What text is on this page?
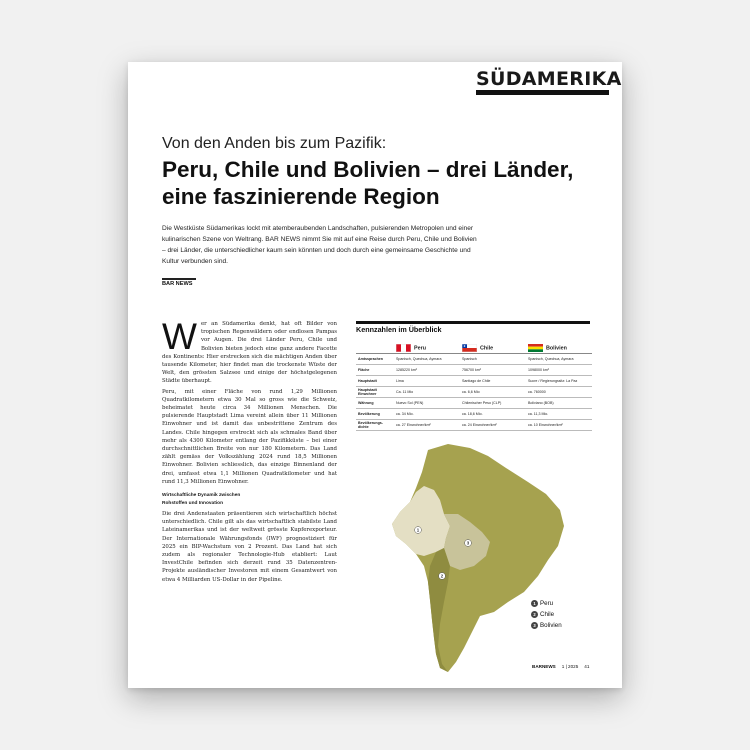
SÜDAMERIKA
Von den Anden bis zum Pazifik:
Peru, Chile und Bolivien – drei Länder, eine faszinierende Region

Die Westküste Südamerikas lockt mit atemberaubenden Landschaften, pulsierenden Metropolen und einer kulinarischen Szene von Weltrang. BAR NEWS nimmt Sie mit auf eine Reise durch Peru, Chile und Bolivien – drei Länder, die unterschiedlicher kaum sein könnten und doch durch eine gemeinsame Geschichte und Kultur verbunden sind.

BAR NEWS

Wer an Südamerika denkt, hat oft Bilder von tropischen Regenwäldern oder endlosen Pampas vor Augen. Die drei Länder Peru, Chile und Bolivien bieten jedoch eine ganz andere Facette des Kontinents: Hier erstrecken sich die mächtigen Anden über tausende Kilometer, hier findet man die trockenste Wüste der Welt, den grössten Salzsee und einige der höchstgelegenen Städte überhaupt.

Peru, mit einer Fläche von rund 1,29 Millionen Quadratkilometern etwa 30 Mal so gross wie die Schweiz, beheimatet heute circa 34 Millionen Menschen. Die pulsierende Hauptstadt Lima vereint allein über 11 Millionen Einwohner und ist damit das unbestrittene Zentrum des Landes. Chile hingegen erstreckt sich als schmales Band über mehr als 4300 Kilometer entlang der Pazifikküste – bei einer durchschnittlichen Breite von nur 180 Kilometern. Das Land zählt gemäss der Volkszählung 2024 rund 18,5 Millionen Einwohner. Bolivien schliesslich, das einzige Binnenland der drei, umfasst etwa 1,1 Millionen Quadratkilometer und hat rund 11,3 Millionen Einwohner.

Wirtschaftliche Dynamik zwischen
Rohstoffen und Innovation

Die drei Andenstaaten präsentieren sich wirtschaftlich höchst unterschiedlich. Chile gilt als das wirtschaftlich stabilste Land Lateinamerikas und ist der weltweit grösste Kupferexporteur. Der Internationale Währungsfonds (IWF) prognostiziert für 2025 ein BIP-Wachstum von 2 Prozent. Das Land hat sich zudem als regionaler Technologie-Hub etabliert: Laut InvestChile befinden sich derzeit rund 35 Datenzentren-Projekte ausländischer Investoren mit einem Gesamtwert von etwa 4 Milliarden US-Dollar in der Pipeline.

Kennzahlen im Überblick
	Peru	Chile	Bolivien
Amtssprachen	Spanisch, Quechua, Aymara	Spanisch	Spanisch, Quechua, Aymara
Fläche	1285220 km²	756700 km²	1098000 km²
Hauptstadt	Lima	Santiago de Chile	Sucre / Regierungssitz: La Paz
Hauptstadt Einwohner	Ca. 11 Mio	ca. 6,6 Mio	ca. 760000
Währung	Nuevo Sol (PEN)	Chilenischer Peso (CLP)	Boliviano (BOB)
Bevölkerung	ca. 34 Mio.	ca. 18,6 Mio.	ca. 11,3 Mio.
Bevölkerungs-dichte	ca. 27 Einwohner/km²	ca. 24 Einwohner/km²	ca. 10 Einwohner/km²
1
3
2
1 Peru
2 Chile
3 Bolivien
BARNEWS 1 | 2025 41
